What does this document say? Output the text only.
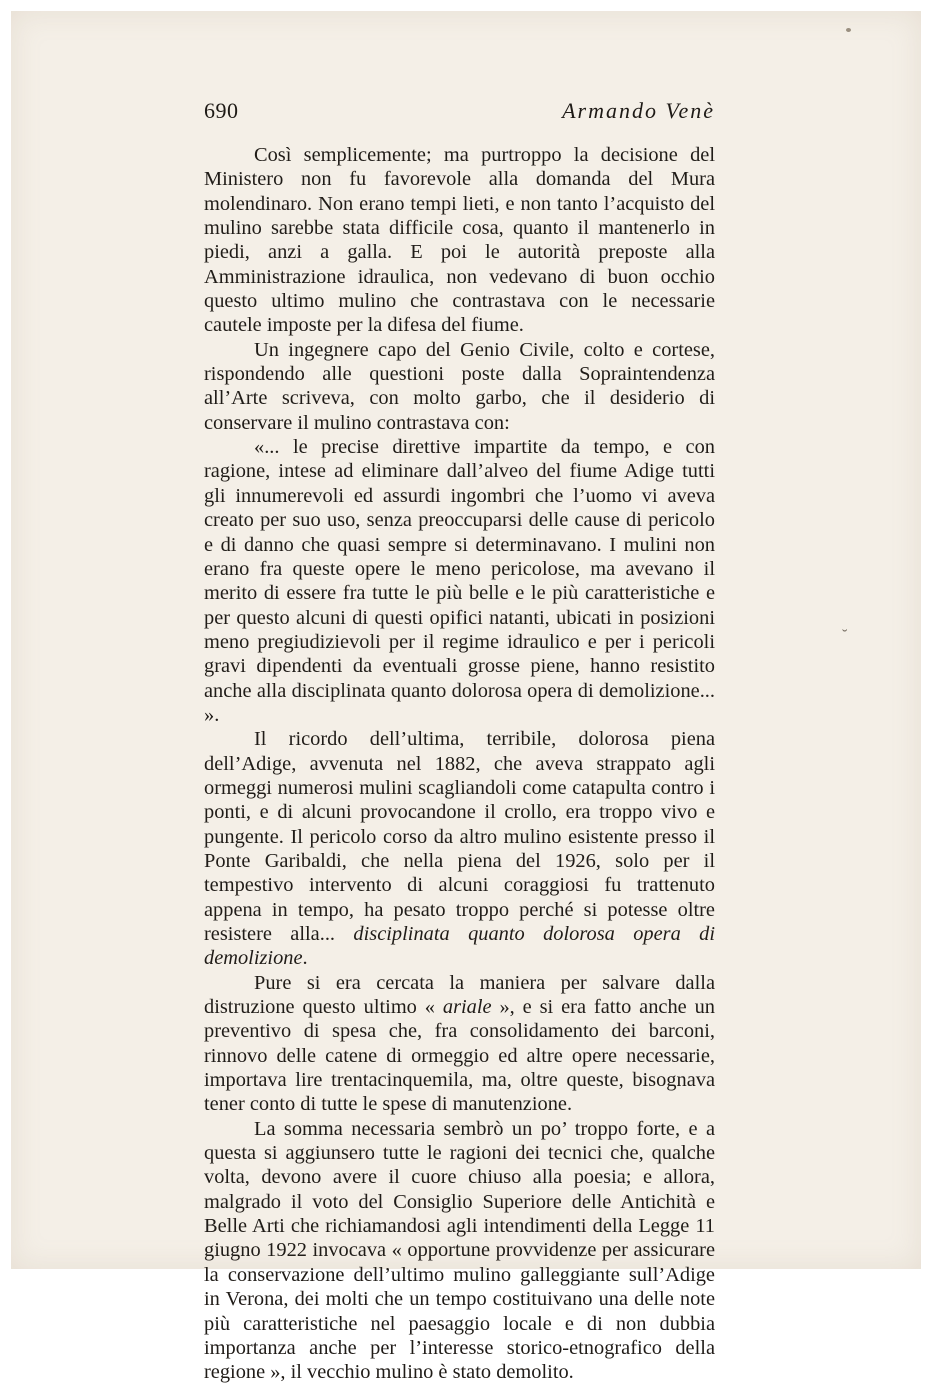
˘
690	Armando Venè

Così semplicemente; ma purtroppo la decisione del Ministero non fu favorevole alla domanda del Mura molendinaro. Non erano tempi lieti, e non tanto l’acquisto del mulino sarebbe stata difficile cosa, quanto il mantenerlo in piedi, anzi a galla. E poi le autorità preposte alla Amministrazione idraulica, non vedevano di buon occhio questo ultimo mulino che contrastava con le necessarie cautele imposte per la difesa del fiume.

Un ingegnere capo del Genio Civile, colto e cortese, rispondendo alle questioni poste dalla Sopraintendenza all’Arte scriveva, con molto garbo, che il desiderio di conservare il mulino contrastava con:

«... le precise direttive impartite da tempo, e con ragione, intese ad eliminare dall’alveo del fiume Adige tutti gli innumerevoli ed assurdi ingombri che l’uomo vi aveva creato per suo uso, senza preoccuparsi delle cause di pericolo e di danno che quasi sempre si determinavano. I mulini non erano fra queste opere le meno pericolose, ma avevano il merito di essere fra tutte le più belle e le più caratteristiche e per questo alcuni di questi opifici natanti, ubicati in posizioni meno pregiudizievoli per il regime idraulico e per i pericoli gravi dipendenti da eventuali grosse piene, hanno resistito anche alla disciplinata quanto dolorosa opera di demolizione... ».

Il ricordo dell’ultima, terribile, dolorosa piena dell’Adige, avvenuta nel 1882, che aveva strappato agli ormeggi numerosi mulini scagliandoli come catapulta contro i ponti, e di alcuni provocandone il crollo, era troppo vivo e pungente. Il pericolo corso da altro mulino esistente presso il Ponte Garibaldi, che nella piena del 1926, solo per il tempestivo intervento di alcuni coraggiosi fu trattenuto appena in tempo, ha pesato troppo perché si potesse oltre resistere alla... disciplinata quanto dolorosa opera di demolizione.

Pure si era cercata la maniera per salvare dalla distruzione questo ultimo « ariale », e si era fatto anche un preventivo di spesa che, fra consolidamento dei barconi, rinnovo delle catene di ormeggio ed altre opere necessarie, importava lire trentacinquemila, ma, oltre queste, bisognava tener conto di tutte le spese di manutenzione.

La somma necessaria sembrò un po’ troppo forte, e a questa si aggiunsero tutte le ragioni dei tecnici che, qualche volta, devono avere il cuore chiuso alla poesia; e allora, malgrado il voto del Consiglio Superiore delle Antichità e Belle Arti che richiamandosi agli intendimenti della Legge 11 giugno 1922 invocava « opportune provvidenze per assicurare la conservazione dell’ultimo mulino galleggiante sull’Adige in Verona, dei molti che un tempo costituivano una delle note più caratteristiche nel paesaggio locale e di non dubbia importanza anche per l’interesse storico-etnografico della regione », il vecchio mulino è stato demolito.
